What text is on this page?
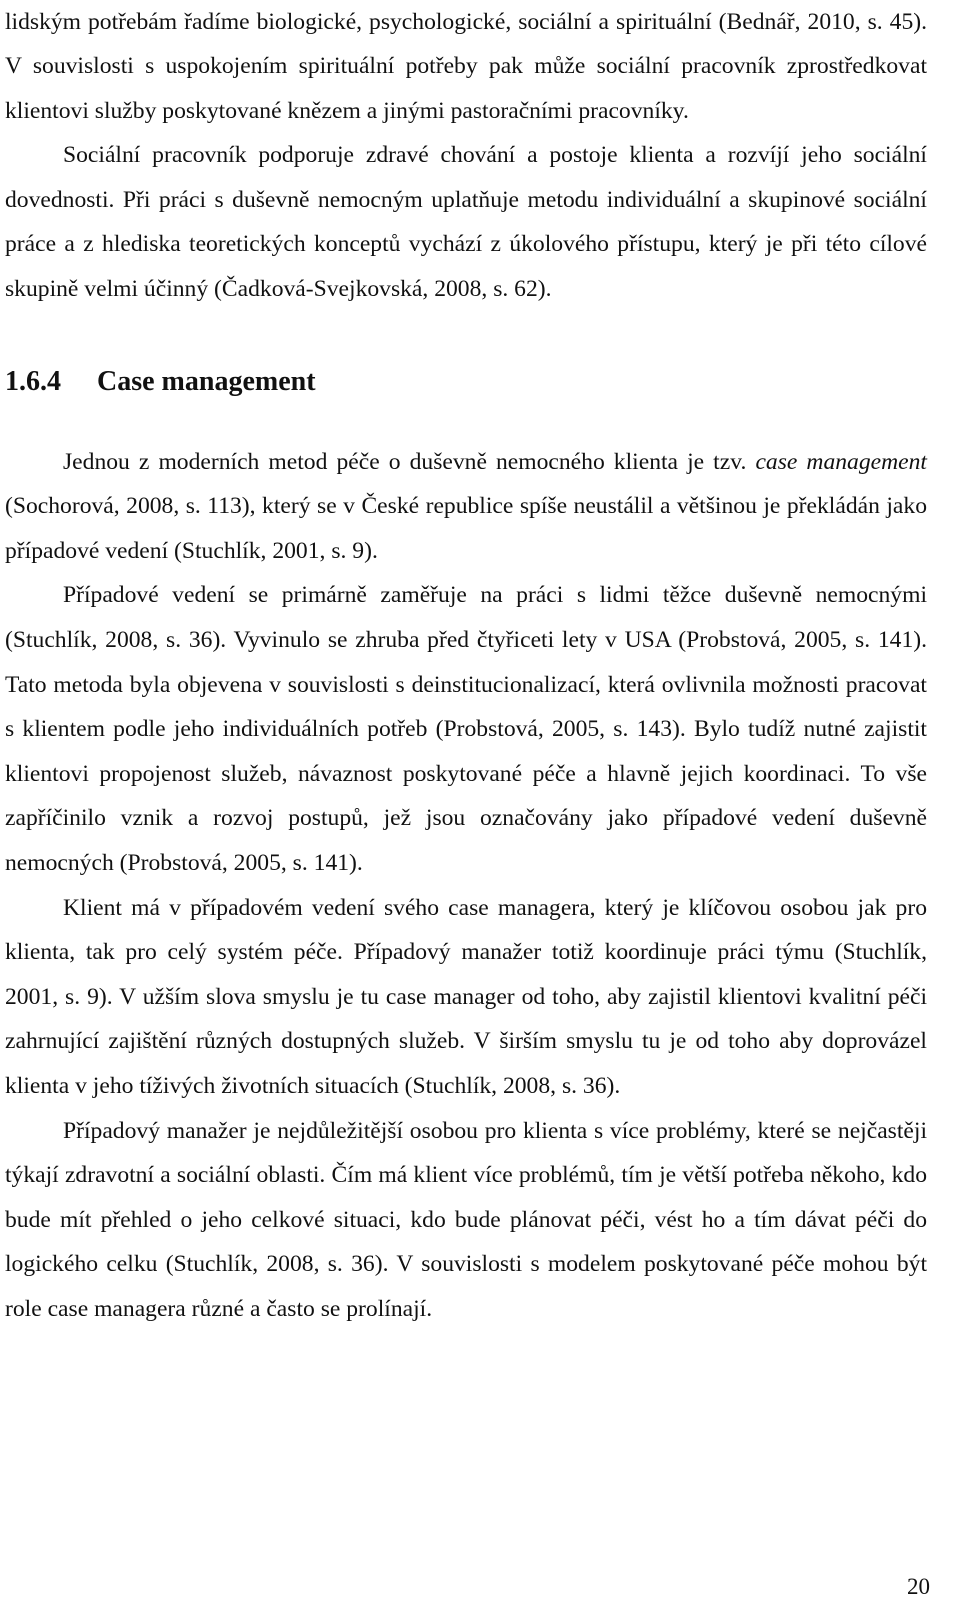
lidským potřebám řadíme biologické, psychologické, sociální a spirituální (Bednář, 2010, s. 45). V souvislosti s uspokojením spirituální potřeby pak může sociální pracovník zprostředkovat klientovi služby poskytované knězem a jinými pastoračními pracovníky.

Sociální pracovník podporuje zdravé chování a postoje klienta a rozvíjí jeho sociální dovednosti. Při práci s duševně nemocným uplatňuje metodu individuální a skupinové sociální práce a z hlediska teoretických konceptů vychází z úkolového přístupu, který je při této cílové skupině velmi účinný (Čadková-Svejkovská, 2008, s. 62).

1.6.4	Case management

Jednou z moderních metod péče o duševně nemocného klienta je tzv. case management (Sochorová, 2008, s. 113), který se v České republice spíše neustálil a většinou je překládán jako případové vedení (Stuchlík, 2001, s. 9).

Případové vedení se primárně zaměřuje na práci s lidmi těžce duševně nemocnými (Stuchlík, 2008, s. 36). Vyvinulo se zhruba před čtyřiceti lety v USA (Probstová, 2005, s. 141). Tato metoda byla objevena v souvislosti s deinstitucionalizací, která ovlivnila možnosti pracovat s klientem podle jeho individuálních potřeb (Probstová, 2005, s. 143). Bylo tudíž nutné zajistit klientovi propojenost služeb, návaznost poskytované péče a hlavně jejich koordinaci. To vše zapříčinilo vznik a rozvoj postupů, jež jsou označovány jako případové vedení duševně nemocných (Probstová, 2005, s. 141).

Klient má v případovém vedení svého case managera, který je klíčovou osobou jak pro klienta, tak pro celý systém péče. Případový manažer totiž koordinuje práci týmu (Stuchlík, 2001, s. 9). V užším slova smyslu je tu case manager od toho, aby zajistil klientovi kvalitní péči zahrnující zajištění různých dostupných služeb. V širším smyslu tu je od toho aby doprovázel klienta v jeho tíživých životních situacích (Stuchlík, 2008, s. 36).

Případový manažer je nejdůležitější osobou pro klienta s více problémy, které se nejčastěji týkají zdravotní a sociální oblasti. Čím má klient více problémů, tím je větší potřeba někoho, kdo bude mít přehled o jeho celkové situaci, kdo bude plánovat péči, vést ho a tím dávat péči do logického celku (Stuchlík, 2008, s. 36). V souvislosti s modelem poskytované péče mohou být role case managera různé a často se prolínají.

20
